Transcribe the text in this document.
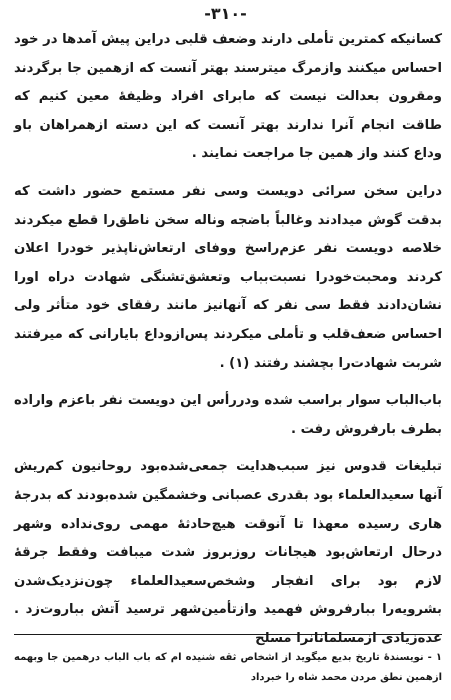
-۳۱۰-

کسانیکه کمترین تأملی دارند وضعف قلبی دراین پیش آمدها در خود احساس میکنند وازمرگ میترسند بهتر آنست که ازهمین جا برگردند ومقرون بعدالت نیست که مابرای افراد وظیفهٔ معین کنیم که طاقت انجام آنرا ندارند بهتر آنست که این دسته ازهمراهان باو وداع کنند واز همین جا مراجعت نمایند .

دراین سخن سرائی دویست وسی نفر مستمع حضور داشت که بدقت گوش میدادند وغالباً باضجه وناله سخن ناطق‌را قطع میکردند خلاصه دویست نفر عزم‌راسخ ووفای ارتعاش‌ناپذیر خودرا اعلان کردند ومحبت‌خودرا نسبت‌بباب وتعشق‌تشنگی شهادت دراه اورا نشان‌دادند فقط سی نفر که آنهانیز مانند رفقای خود متأثر ولی احساس ضعف‌قلب و تأملی میکردند پس‌ازوداع بایارانی که میرفتند شربت شهادت‌را بچشند رفتند (۱) .

باب‌الباب سوار براسب شده ودررأس این دویست نفر باعزم واراده بطرف بارفروش رفت .

تبلیغات قدوس نیز سبب‌هدایت جمعی‌شده‌بود روحانیون کم‌ریش آنها سعیدالعلماء بود بقدری عصبانی وخشمگین شده‌بودند که بدرجهٔ هاری رسیده معهذا تا آنوقت هیچ‌حادثهٔ مهمی روی‌نداده وشهر درحال ارتعاش‌بود هیجانات روزبروز شدت میبافت وفقط جرقهٔ لازم بود برای انفجار وشخص‌سعیدالعلماء چون‌نزدیک‌شدن بشرویه‌را ببارفروش فهمید وازتأمین‌شهر ترسید آتش بباروت‌زد . عده‌زیادی ازمسلمانانرا مسلح

۱ - نویسندهٔ تاریخ بدیع میگوید از اشخاص ثقه شنیده ام که باب الباب درهمین جا وبهمه ازهمین نطق مردن محمد شاه را خبرداد
